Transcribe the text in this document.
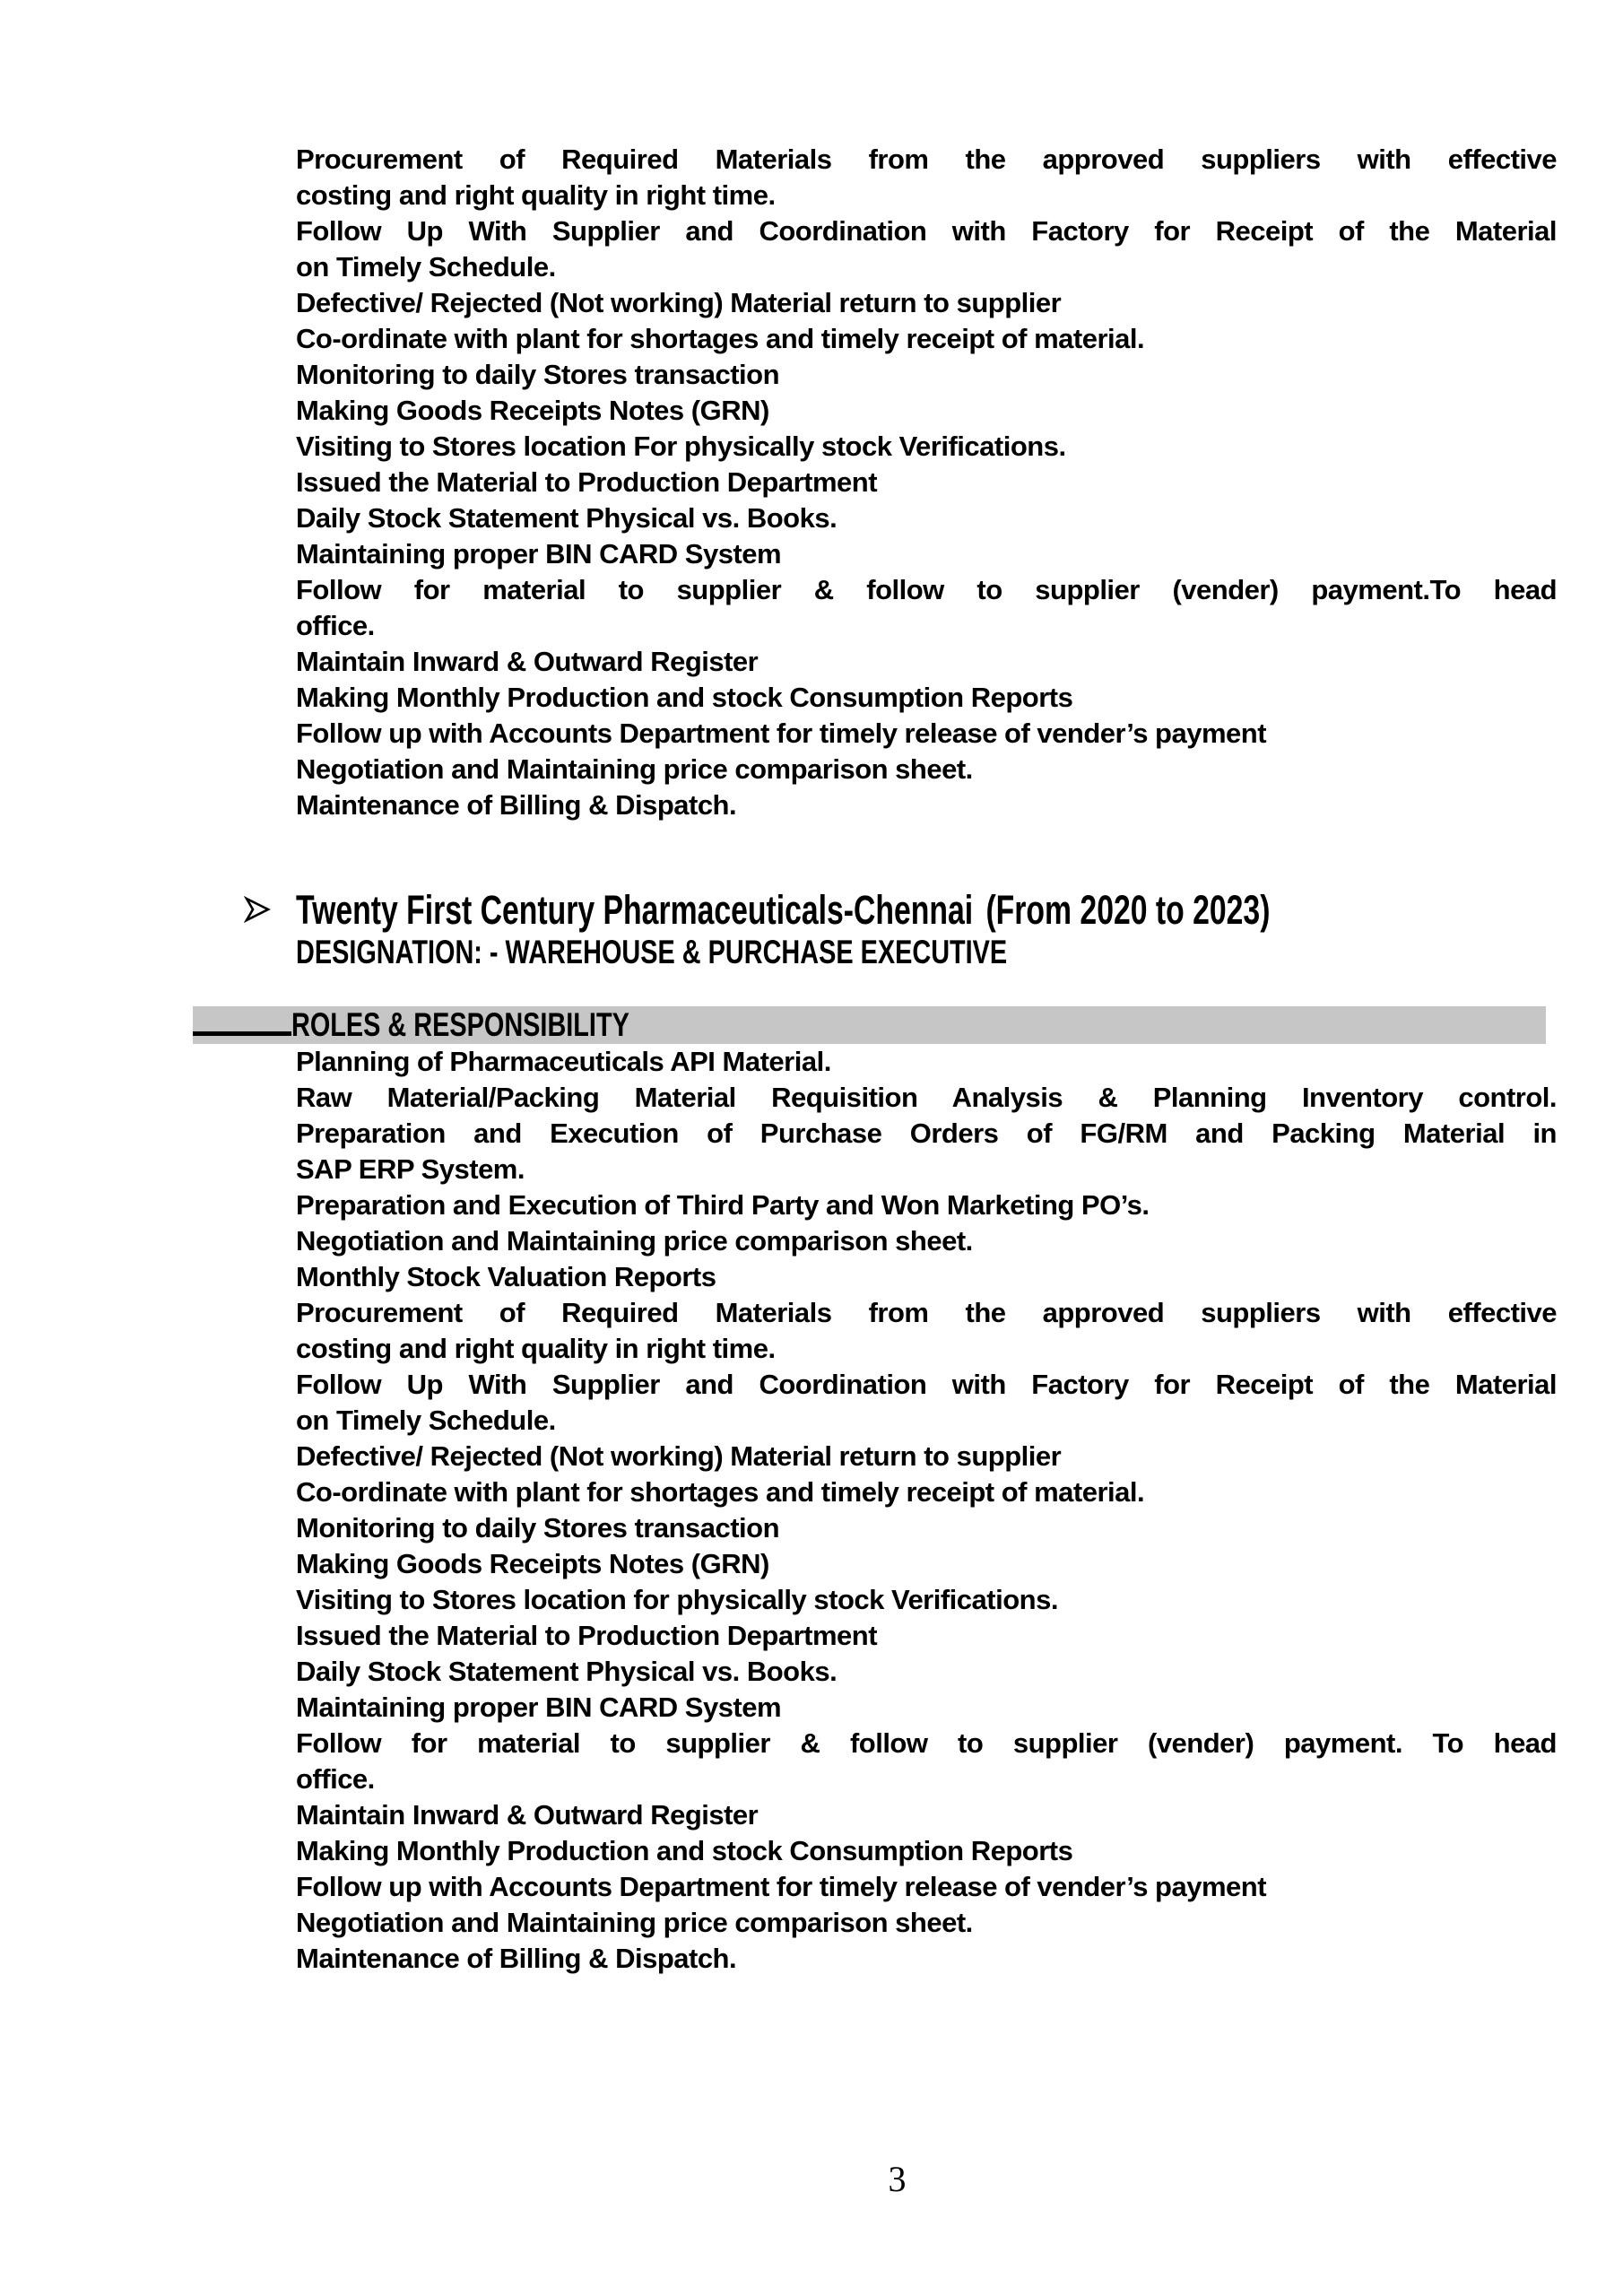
Procurement of Required Materials from the approved suppliers with effective
costing and right quality in right time.
Follow Up With Supplier and Coordination with Factory for Receipt of the Material
on Timely Schedule.
Defective/ Rejected (Not working) Material return to supplier
Co-ordinate with plant for shortages and timely receipt of material.
Monitoring to daily Stores transaction
Making Goods Receipts Notes (GRN)
Visiting to Stores location For physically stock Verifications.
Issued the Material to Production Department
Daily Stock Statement Physical vs. Books.
Maintaining proper BIN CARD System
Follow for material to supplier & follow to supplier (vender) payment.To head
office.
Maintain Inward & Outward Register
Making Monthly Production and stock Consumption Reports
Follow up with Accounts Department for timely release of vender’s payment
Negotiation and Maintaining price comparison sheet.
Maintenance of Billing & Dispatch.
Twenty First Century Pharmaceuticals-Chennai (From 2020 to 2023)
DESIGNATION: - WAREHOUSE & PURCHASE EXECUTIVE
ROLES & RESPONSIBILITY
Planning of Pharmaceuticals API Material.
Raw Material/Packing Material Requisition Analysis & Planning Inventory control.
Preparation and Execution of Purchase Orders of FG/RM and Packing Material in
SAP ERP System.
Preparation and Execution of Third Party and Won Marketing PO’s.
Negotiation and Maintaining price comparison sheet.
Monthly Stock Valuation Reports
Procurement of Required Materials from the approved suppliers with effective
costing and right quality in right time.
Follow Up With Supplier and Coordination with Factory for Receipt of the Material
on Timely Schedule.
Defective/ Rejected (Not working) Material return to supplier
Co-ordinate with plant for shortages and timely receipt of material.
Monitoring to daily Stores transaction
Making Goods Receipts Notes (GRN)
Visiting to Stores location for physically stock Verifications.
Issued the Material to Production Department
Daily Stock Statement Physical vs. Books.
Maintaining proper BIN CARD System
Follow for material to supplier & follow to supplier (vender) payment. To head
office.
Maintain Inward & Outward Register
Making Monthly Production and stock Consumption Reports
Follow up with Accounts Department for timely release of vender’s payment
Negotiation and Maintaining price comparison sheet.
Maintenance of Billing & Dispatch.
3
